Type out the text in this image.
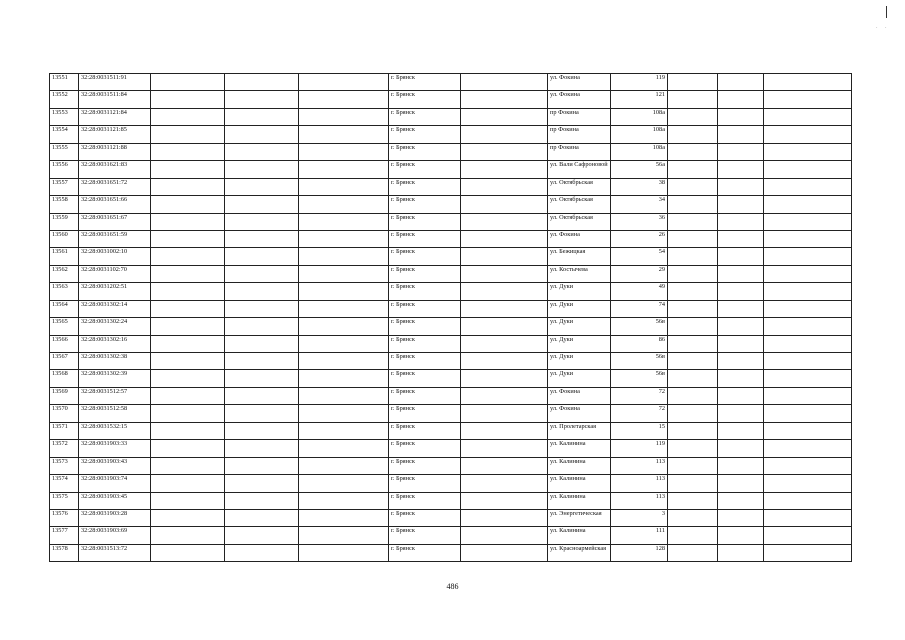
. .
13551	32:28:0031511:91				г. Брянск		ул. Фокина	119			
13552	32:28:0031511:84				г. Брянск		ул. Фокина	121			
13553	32:28:0031121:84				г. Брянск		пр Фокина	108а			
13554	32:28:0031121:85				г. Брянск		пр Фокина	108а			
13555	32:28:0031121:88				г. Брянск		пр Фокина	108а			
13556	32:28:0031621:83				г. Брянск		ул. Вали Сафроновой	56а			
13557	32:28:0031651:72				г. Брянск		ул. Октябрьская	38			
13558	32:28:0031651:66				г. Брянск		ул. Октябрьская	34			
13559	32:28:0031651:67				г. Брянск		ул. Октябрьская	36			
13560	32:28:0031651:59				г. Брянск		ул. Фокина	26			
13561	32:28:0031002:10				г. Брянск		ул. Бежицкая	54			
13562	32:28:0031102:70				г. Брянск		ул. Костычева	29			
13563	32:28:0031202:51				г. Брянск		ул. Дуки	49			
13564	32:28:0031302:14				г. Брянск		ул. Дуки	74			
13565	32:28:0031302:24				г. Брянск		ул. Дуки	56в			
13566	32:28:0031302:16				г. Брянск		ул. Дуки	86			
13567	32:28:0031302:38				г. Брянск		ул. Дуки	56в			
13568	32:28:0031302:39				г. Брянск		ул. Дуки	56в			
13569	32:28:0031512:57				г. Брянск		ул. Фокина	72			
13570	32:28:0031512:58				г. Брянск		ул. Фокина	72			
13571	32:28:0031532:15				г. Брянск		ул. Пролетарская	15			
13572	32:28:0031903:33				г. Брянск		ул. Калинина	119			
13573	32:28:0031903:43				г. Брянск		ул. Калинина	113			
13574	32:28:0031903:74				г. Брянск		ул. Калинина	113			
13575	32:28:0031903:45				г. Брянск		ул. Калинина	113			
13576	32:28:0031903:28				г. Брянск		ул. Энергетическая	3			
13577	32:28:0031903:69				г. Брянск		ул. Калинина	111			
13578	32:28:0031513:72				г. Брянск		ул. Красноармейская	128			
486
